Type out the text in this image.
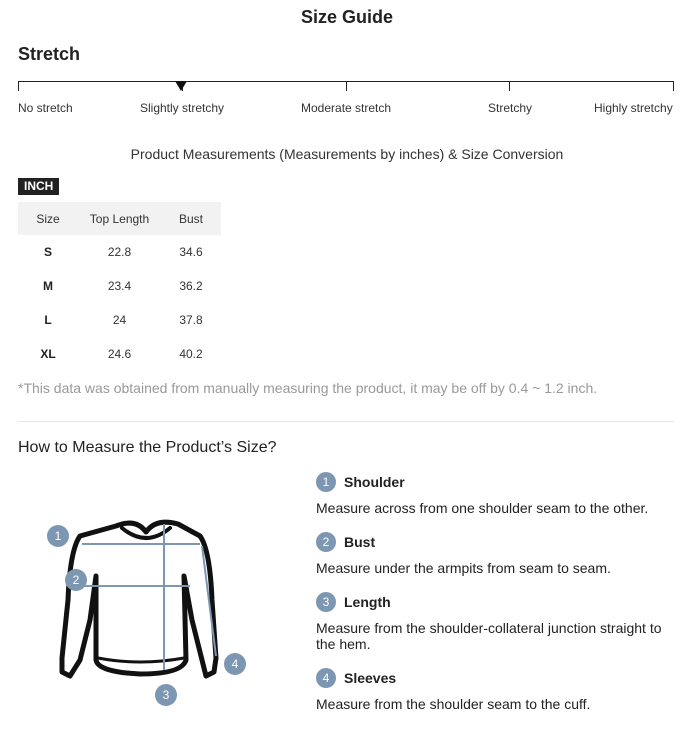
Size Guide
Stretch
No stretch	Slightly stretchy	Moderate stretch	Stretchy	Highly stretchy
Product Measurements (Measurements by inches) & Size Conversion
INCH
Size	Top Length	Bust
S	22.8	34.6
M	23.4	36.2
L	24	37.8
XL	24.6	40.2
*This data was obtained from manually measuring the product, it may be off by 0.4 ~ 1.2 inch.
How to Measure the Product’s Size?
1
2
3
4
1	Shoulder
Measure across from one shoulder seam to the other.
2	Bust
Measure under the armpits from seam to seam.
3	Length
Measure from the shoulder-collateral junction straight to the hem.
4	Sleeves
Measure from the shoulder seam to the cuff.
